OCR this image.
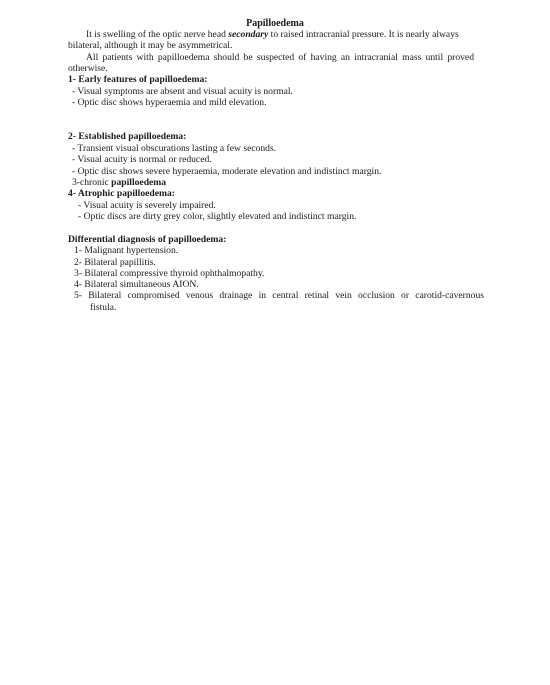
Papilloedema
It is swelling of the optic nerve head secondary to raised intracranial pressure. It is nearly always
bilateral, although it may be asymmetrical.
All patients with papilloedema should be suspected of having an intracranial mass until proved
otherwise.
1- Early features of papilloedema:
- Visual symptoms are absent and visual acuity is normal.
- Optic disc shows hyperaemia and mild elevation.
2- Established papilloedema:
- Transient visual obscurations lasting a few seconds.
- Visual acuity is normal or reduced.
- Optic disc shows severe hyperaemia, moderate elevation and indistinct margin.
3-chronic papilloedema
4- Atrophic papilloedema:
- Visual acuity is severely impaired.
- Optic discs are dirty grey color, slightly elevated and indistinct margin.
Differential diagnosis of papilloedema:
1- Malignant hypertension.
2- Bilateral papillitis.
3- Bilateral compressive thyroid ophthalmopathy.
4- Bilateral simultaneous AION.
5- Bilateral compromised venous drainage in central retinal vein occlusion or carotid-cavernous
fistula.
